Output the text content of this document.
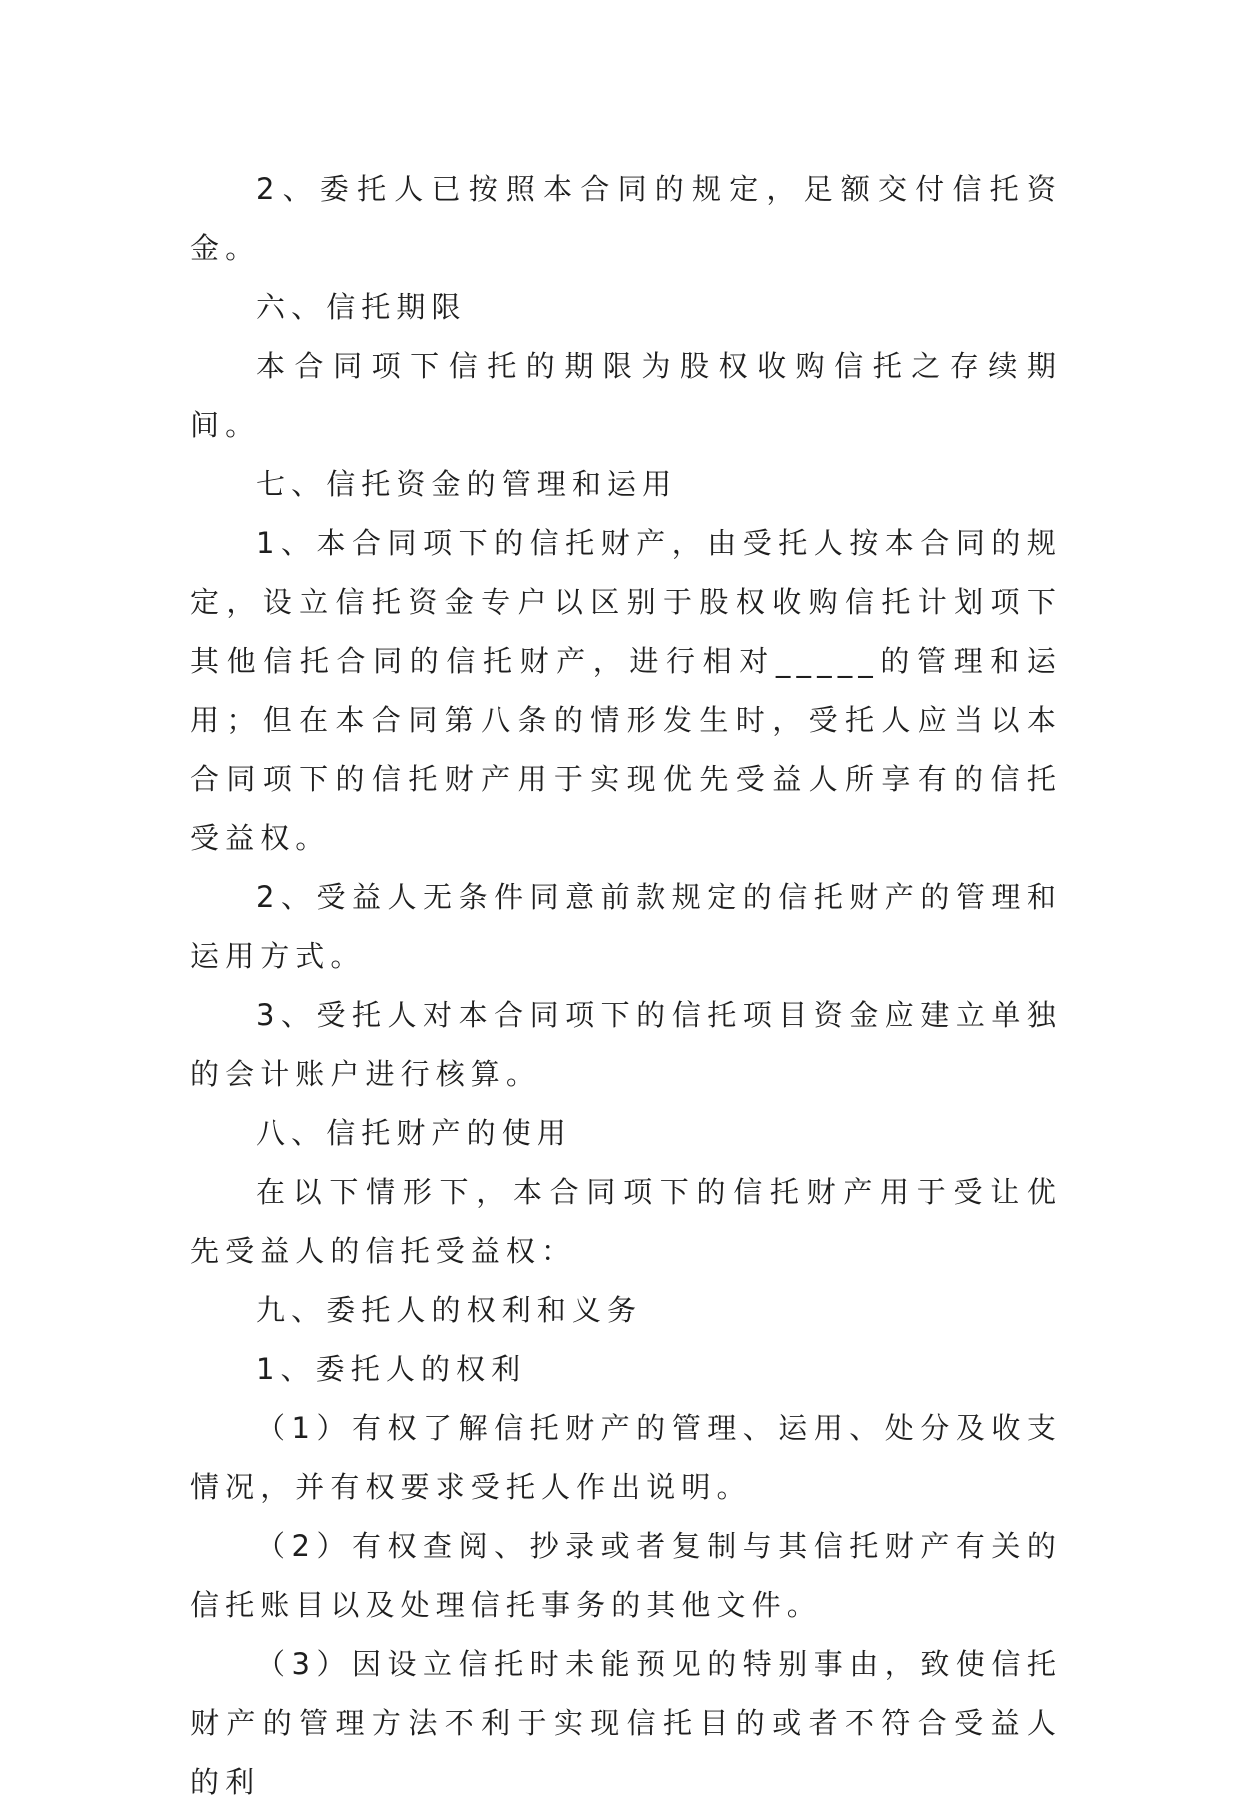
2、委托人已按照本合同的规定，足额交付信托资金。

六、信托期限

本合同项下信托的期限为股权收购信托之存续期间。

七、信托资金的管理和运用

1、本合同项下的信托财产，由受托人按本合同的规定，设立信托资金专户以区别于股权收购信托计划项下其他信托合同的信托财产，进行相对_____的管理和运用；但在本合同第八条的情形发生时，受托人应当以本合同项下的信托财产用于实现优先受益人所享有的信托受益权。

2、受益人无条件同意前款规定的信托财产的管理和运用方式。

3、受托人对本合同项下的信托项目资金应建立单独的会计账户进行核算。

八、信托财产的使用

在以下情形下，本合同项下的信托财产用于受让优先受益人的信托受益权：

九、委托人的权利和义务

1、委托人的权利

（1）有权了解信托财产的管理、运用、处分及收支情况，并有权要求受托人作出说明。

（2）有权查阅、抄录或者复制与其信托财产有关的信托账目以及处理信托事务的其他文件。

（3）因设立信托时未能预见的特别事由，致使信托财产的管理方法不利于实现信托目的或者不符合受益人的利
